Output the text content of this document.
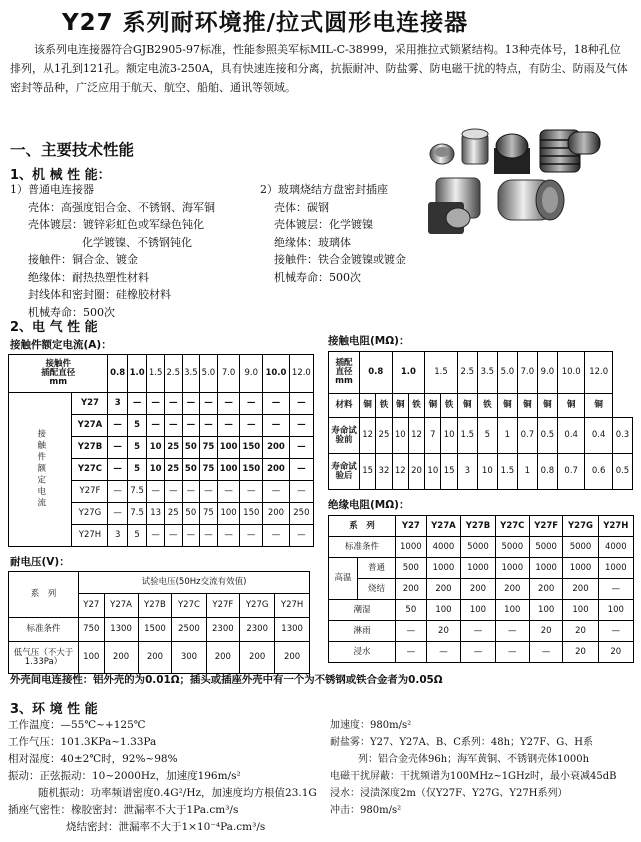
Y27 系列耐环境推/拉式圆形电连接器

该系列电连接器符合GJB2905-97标准，性能参照美军标MIL-C-38999，采用推拉式锁紧结构。13种壳体号，18种孔位排列，从1孔到121孔。额定电流3-250A，具有快速连接和分离，抗振耐冲、防盐雾、防电磁干扰的特点，有防尘、防雨及气体密封等品种，广泛应用于航天、航空、船舶、通讯等领域。

一、主要技术性能
1、机 械 性 能：
1）普通电连接器
壳体：高强度铝合金、不锈钢、海军铜
壳体镀层：镀锌彩虹色或军绿色钝化
化学镀镍、不锈钢钝化
接触件：铜合金、镀金
绝缘体：耐热热塑性材料
封线体和密封圈：硅橡胶材料
机械寿命：500次
2）玻璃烧结方盘密封插座
壳体：碳钢
壳体镀层：化学镀镍
绝缘体：玻璃体
接触件：铁合金镀镍或镀金
机械寿命：500次
2、电 气 性 能
接触件额定电流(A)：
接触件
插配直径
mm		0.8	1.0	1.5	2.5	3.5	5.0	7.0	9.0	10.0	12.0
接触件额定电流	Y27	3	—	—	—	—	—	—	—	—	—
	Y27A	—	5	—	—	—	—	—	—	—	—
	Y27B	—	5	10	25	50	75	100	150	200	—
	Y27C	—	5	10	25	50	75	100	150	200	—
	Y27F	—	7.5	—	—	—	—	—	—	—	—
	Y27G	—	7.5	13	25	50	75	100	150	200	250
	Y27H	3	5	—	—	—	—	—	—	—	—
接触电阻(MΩ)：
插配
直径
mm	0.8		1.0		1.5		2.5	3.5	5.0	7.0	9.0	10.0	12.0	
材料	铜	铁	铜	铁	铜	铁	铜	铁	铜	铜	铜	铜	铜	
寿命试验前	12	25	10	12	7	10	1.5	5	1	0.7	0.5	0.4	0.4	0.3
寿命试验后	15	32	12	20	10	15	3	10	1.5	1	0.8	0.7	0.6	0.5
绝缘电阻(MΩ)：
系　列		Y27	Y27A	Y27B	Y27C	Y27F	Y27G	Y27H
标准条件		1000	4000	5000	5000	5000	5000	4000
高温	普通	500	1000	1000	1000	1000	1000	1000
	烧结	200	200	200	200	200	200	—
潮湿		50	100	100	100	100	100	100
淋雨		—	20	—	—	20	20	—
浸水		—	—	—	—	—	20	20
耐电压(V)：
系　列	试验电压(50Hz交流有效值)						
	Y27	Y27A	Y27B	Y27C	Y27F	Y27G	Y27H
标准条件	750	1300	1500	2500	2300	2300	1300
低气压（不大于1.33Pa）	100	200	200	300	200	200	200
外壳间电连接性：铝外壳的为0.01Ω；插头或插座外壳中有一个为不锈钢或铁合金者为0.05Ω
3、环 境 性 能
工作温度：—55℃~+125℃
工作气压：101.3KPa~1.33Pa
相对湿度：40±2℃时，92%~98%
振动：正弦振动：10~2000Hz，加速度196m/s²
随机振动：功率频谱密度0.4G²/Hz，加速度均方根值23.1G
插座气密性：橡胶密封：泄漏率不大于1Pa.cm³/s
烧结密封：泄漏率不大于1×10⁻⁴Pa.cm³/s
加速度：980m/s²
耐盐雾：Y27、Y27A、B、C系列：48h；Y27F、G、H系
列：铝合金壳体96h；海军黄铜、不锈钢壳体1000h
电磁干扰屏蔽：干扰频谱为100MHz~1GHz时，最小衰减45dB
浸水：浸渍深度2m（仅Y27F、Y27G、Y27H系列）
冲击：980m/s²
